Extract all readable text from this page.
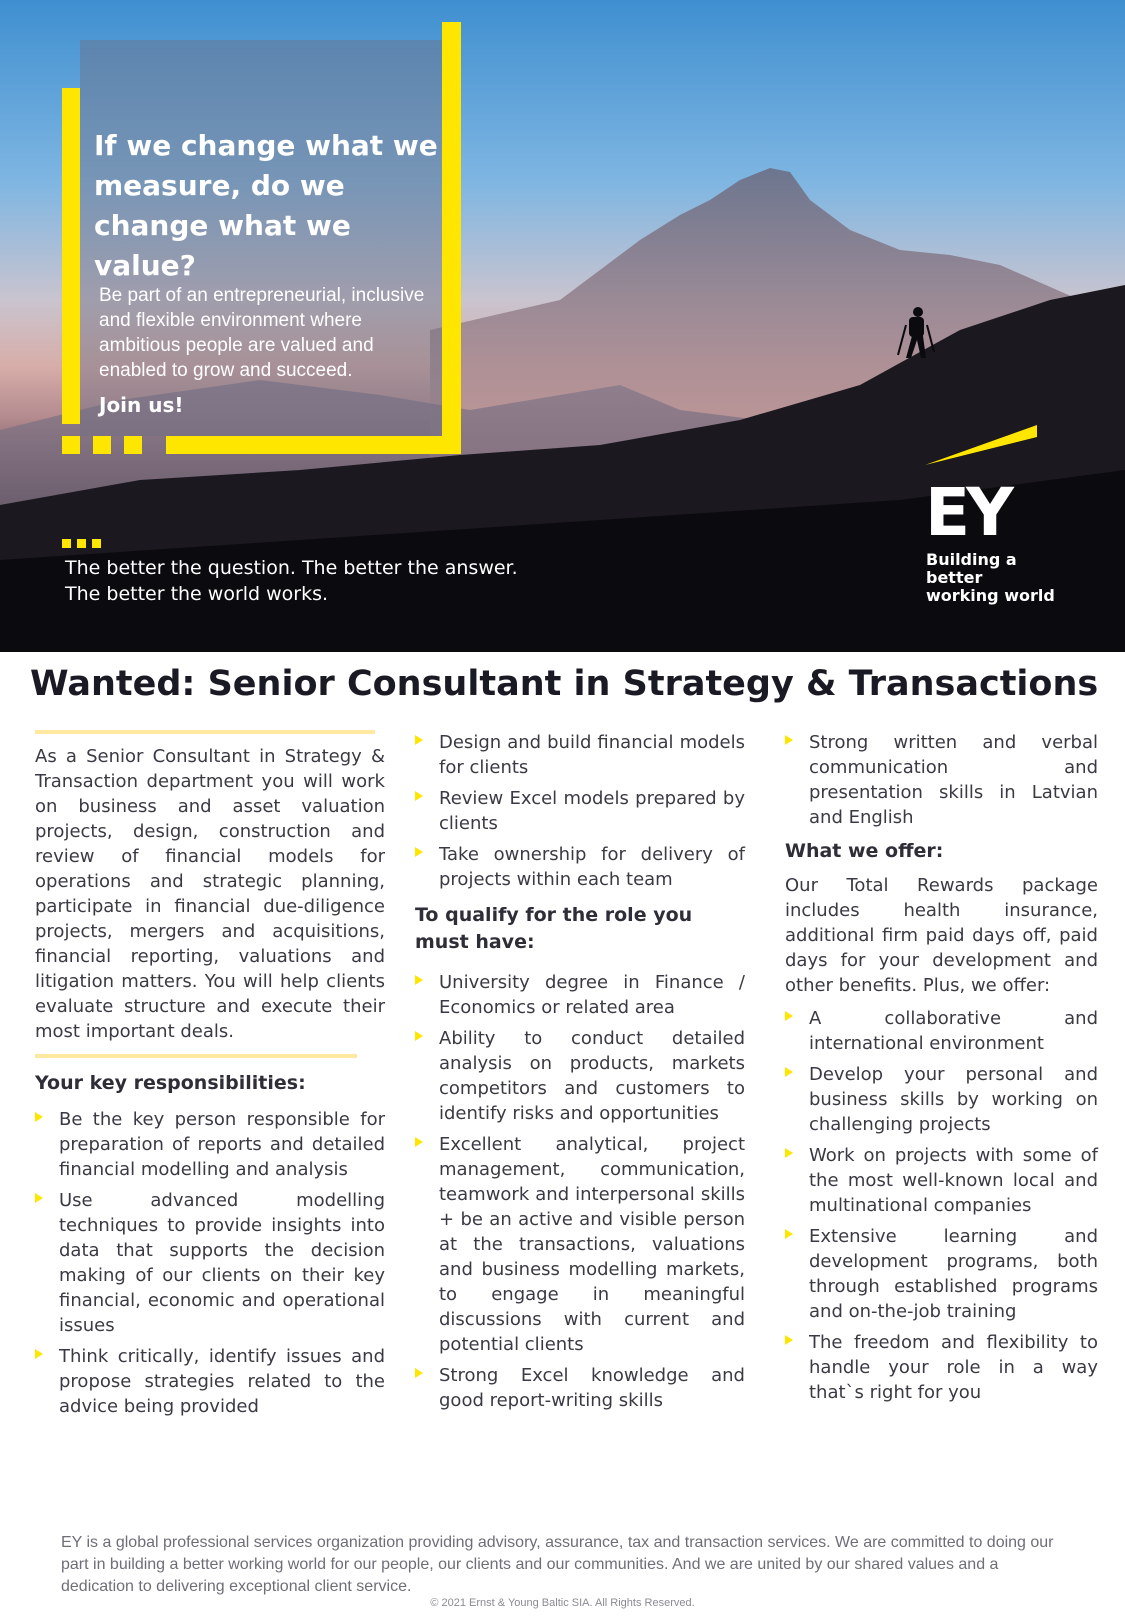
If we change what we measure, do we change what we value?
Be part of an entrepreneurial, inclusive and flexible environment where ambitious people are valued and enabled to grow and succeed.
Join us!
The better the question. The better the answer.
The better the world works.
EY
Building a better
working world
Wanted: Senior Consultant in Strategy & Transactions

As a Senior Consultant in Strategy & Transaction department you will work on business and asset valuation projects, design, construction and review of financial models for operations and strategic planning, participate in financial due-diligence projects, mergers and acquisitions, financial reporting, valuations and litigation matters. You will help clients evaluate structure and execute their most important deals.

Your key responsibilities:
Be the key person responsible for preparation of reports and detailed financial modelling and analysis
Use advanced modelling techniques to provide insights into data that supports the decision making of our clients on their key financial, economic and operational issues
Think critically, identify issues and propose strategies related to the advice being provided
Design and build financial models for clients
Review Excel models prepared by clients
Take ownership for delivery of projects within each team
To qualify for the role you must have:
University degree in Finance / Economics or related area
Ability to conduct detailed analysis on products, markets competitors and customers to identify risks and opportunities
Excellent analytical, project management, communication, teamwork and interpersonal skills + be an active and visible person at the transactions, valuations and business modelling markets, to engage in meaningful discussions with current and potential clients
Strong Excel knowledge and good report-writing skills
Strong written and verbal communication and presentation skills in Latvian and English
What we offer:

Our Total Rewards package includes health insurance, additional firm paid days off, paid days for your development and other benefits. Plus, we offer:

A collaborative and international environment
Develop your personal and business skills by working on challenging projects
Work on projects with some of the most well-known local and multinational companies
Extensive learning and development programs, both through established programs and on-the-job training
The freedom and flexibility to handle your role in a way that`s right for you

EY is a global professional services organization providing advisory, assurance, tax and transaction services. We are committed to doing our part in building a better working world for our people, our clients and our communities. And we are united by our shared values and a dedication to delivering exceptional client service.

© 2021 Ernst & Young Baltic SIA. All Rights Reserved.
